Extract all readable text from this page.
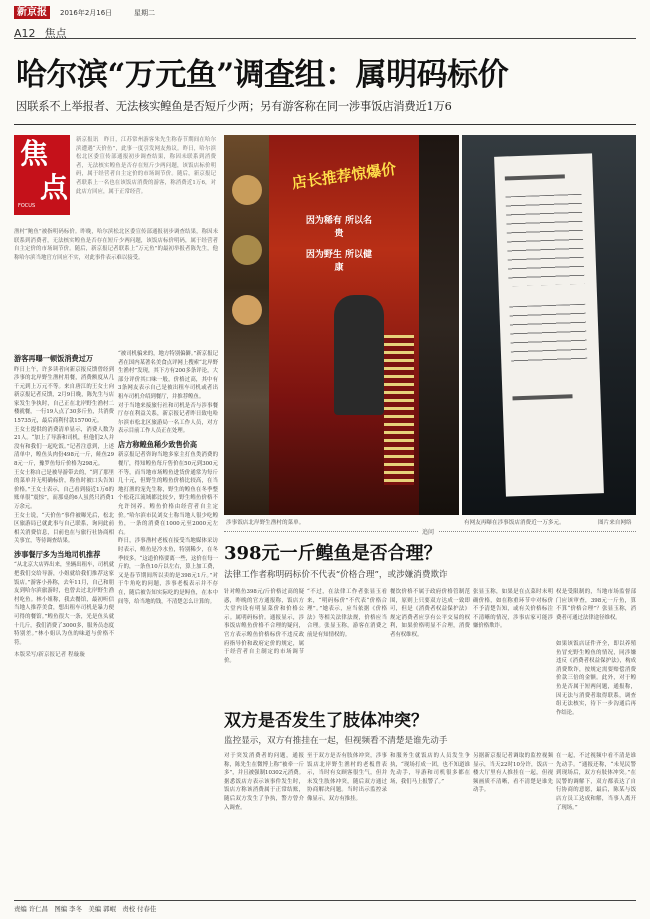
新京报	2016年2月16日	星期二
A12 焦点
哈尔滨“万元鱼”调查组：属明码标价
因联系不上举报者、无法核实鳇鱼是否短斤少两；另有游客称在同一涉事饭店消费近1万6
焦
点
FOCUS
新京报讯　昨日，江苏常州游客朱先生称春节期间在哈尔滨遭遇“天价鱼”，此事一度引发网友热议。昨日，哈尔滨松北区委宣传部通报初步调查结果，称因未联系到消费者，无法核实鳇鱼是否存在短斤少两问题，该饭店标价明码，属于经营者自主定价的市场调节价。随后，新京报记者联系上一名也在该饭店消费的游客，称消费近1万6，对此店方回应，属于正常经营。
渔村“鲍鱼”被指明码标价。昨晚，哈尔滨松北区委宣传部通报初步调查结果，称因未联系到消费者，无法核实鳇鱼是否存在短斤少两问题，该饭店标价明码，属于经营者自主定价的市场调节价。随后，新京报记者联系上“万元鱼”的最初举报者陈先生，他称哈尔滨当地官方回应不实，对此事件表示难以接受。
游客再曝一顿饭消费过万
昨日上午，许多读者向新京报反馈曾经到涉事的北岸野生渔村用餐，消费额度从几千元到上万元不等。来自唐江的王女士向新京报记者反馈，2月9日晚，陈先生与店家发生争执时，自己正在北岸野生渔村二楼就餐，一行19人点了30多斤鱼，共消费15735元，最后商利付款15700元。
王女士提供的消费清单显示，消费人数为21人。“加上了导游和司机，但他们2人并没有和我们一起吃饭。”记者注意到，上述清单中，鳇鱼头肉份498元一斤，鲑鱼298元一斤，豫罗鱼每斤价格为298元。
王女士称自己是被导游带去的，“到了那里的菜单并无明确标价，称鱼时被口头告知价格。”王女士表示，自己看到接近1万6的账单很“震惊”，而那桌的6人虽然只消费1万余元。
王女士说，“天价鱼”事件被曝光后，松北区旅游局已就此事与自己联系，询问此前相关消费信息，目前也在与旅行社协商相关事宜，等待调查结果。
涉事餐厅多为当地司机推荐
“从北京大店界出来，坐辆出租车，司机就把我们交给导游，小姐就给我们推荐这家饭店。”游客小孙称，去年11月，自己和朋友到哈尔滨旅游时，也曾去过北岸野生渔村吃鱼。林小姐称，我去餐馆，最初听信当地人推荐美食，想出租车司机是暴力便可得的餐馆。”鳇鱼很大一条，光是鱼头就十几斤，我们消费了3000多，服务员态度特别差。”林小姐认为鱼的味道与价格不符。
本版采写/新京报记者 程璇璇
“被司机骗来的，地方特别偏僻。”新京报记者在国内某著名美食点评网上搜索“北岸野生渔村”发现，其下方有200多条评论，大部分评价其口味一般，价格过高，其中有3条网友表示自己是被出租车司机或者出租车司机介绍到餐厅，并推荐鳇鱼。
对于当地来接旅行社和司机是否与涉事餐厅存在利益关系，新京报记者昨日致电哈尔滨市松北区旅游局一名工作人员，对方表示目前工作人员正在处理。
店方称鳇鱼稀少致售价高
新京报记者咨询当地多家主打鱼类消费的餐厅，得知鳇鱼每斤售价在50元到300元不等，而当地市场鳇鱼进货价通常为每斤几十元，但野生的鳇鱼价格比较高，在当地打渔的宠先生称，野生的鳇鱼在冬季整个松花江流域都比较少，野生鳇鱼价格不允许饲养。鳇鱼价格由经营者自主定价。”哈尔滨市民刘女士称当地人很少吃鳇鱼，一条的消费在1000元至2000元左右。
昨日，涉事渔村老板在接受当地媒体采访时表示，鳇鱼是冷水鱼，特别稀少，在冬季较多。“这道价格要离一些，这价在每一斤的，一条鱼10斤以左右，算上加工费，又是春节期间所以卖的是398元1斤。”对于牛角吃的问题，涉事老板表示并不存在，随后被告知实际吃的是鲟鱼，在本中间等，给当地的钱，不清楚怎么计算的。
店长推荐惊爆价
因为稀有 所以名贵
因为野生 所以健康
涉事饭店北岸野生渔村的菜单。	有网友再曝在涉事饭店消费近一万多元。	图片来自网络
追问
398元一斤鳇鱼是否合理？
法律工作者称明码标价不代表“价格合理”，或涉嫌消费欺诈
针对鳇鱼398元/斤价格过高的疑惑，昨晚的官方通报称，饭店方大堂内设有明显菜价和价格公示。属明码标价。通报显示，涉事饭店鳇鱼价格不合理的疑问，官方表示鳇鱼价格标价不违反政府指导价和政府定价的规定，属于经营者自主制定的市场调节价。
“不过，在法律工作者张显玉看来，“明码标价”不代表“价格合理”。”她表示，应当依据《价格法》等相关法律法规，价格应当合理。张显玉称，游客在消费之前是有知情权的。
餐饮价格不属于政府价格管制范围，原则上只要双方达成一致即可，但是《消费者权益保护法》规定消费者应享有公平交易的权利，如果价格明显不合理，消费者有权维权。
张显玉称，如果是在点菜时未明确价格，如在称重环节中对标价不予清楚告知，或有关价格标注不清晰的情况，涉事店家可能涉嫌价格欺诈。
权是受限制的，当地市场监督部门应该审查，398元一斤鱼，算不算“价格合理”？张显玉称，消费者可通过法律途径维权。
如果该饭店证件齐全，即以养殖鱼冒充野生鳇鱼的情况，同涉嫌违反《消费者权益保护法》，构成消费欺诈，按规定需要赔偿消费价款三倍的金额。此外，对于鳇鱼是否属于短两问题，通报称，因无法与消费者取得联系，调查组无法核实，待下一步沟通后再作结论。
双方是否发生了肢体冲突？
监控显示，双方有推挂在一起，但视频看不清楚是谁先动手
对于突发消费者的问题，通报称，陈先生在微博上称“被牵一斤多”，并且被强制10302元消费。据悉饭店方表示该事件发生时，饭店方称该消费属于正常结账，随后双方发生了争执，警方曾介入调查。
至于双方是否有肢体冲突，涉事饭店北岸野生渔村的老板曾表示，当时有女顾客很生气，但并未发生肢体冲突，随后双方通过协商解决问题。当时出示监控录像显示，双方有推挂。
和服务生就饭店的人员发生争执，“现场打成一团，也不知道谁先动手，导游和司机很多都在场，我们马上报警了。”
另据新京报记者调取的监控视频显示，当天22时10分许，饭店一楼大厅里有人推挂在一起，但视频画质不清晰，看不清楚是谁先动手。
在一起，不过视频中看不清是谁先动手。“通报还称，“未见民警到现场后，双方有肢体冲突。”在民警的调解下，双方都表达了自行协商的意愿，最后，陈某与饭店方员工达成和解，当事人离开了现场。”
责编 许仁昌　图编 李冬　美编 郭岷　责校 付春佳
